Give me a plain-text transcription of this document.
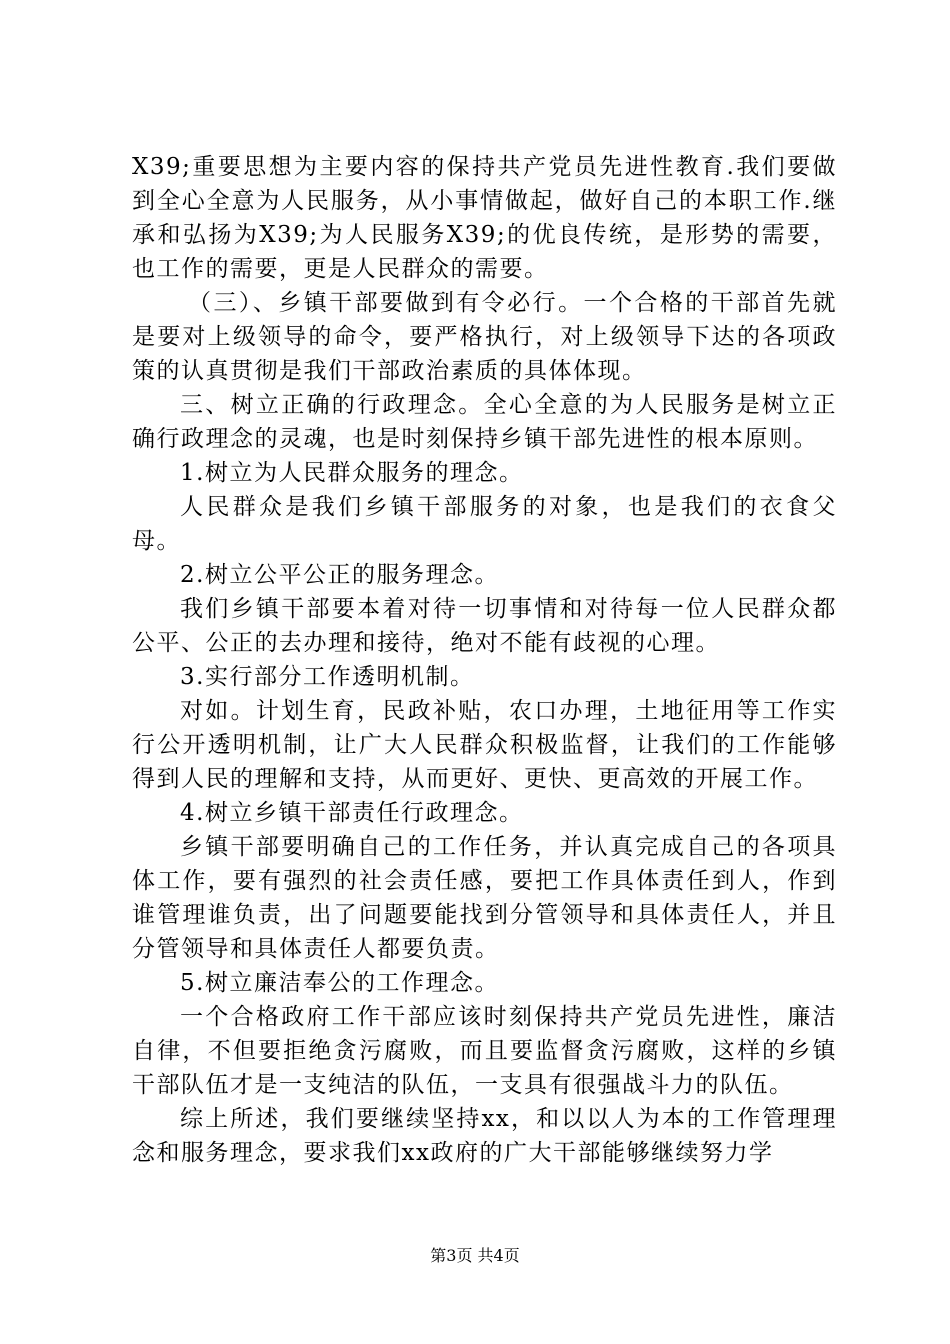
X39;重要思想为主要内容的保持共产党员先进性教育.我们要做到全心全意为人民服务，从小事情做起，做好自己的本职工作.继承和弘扬为X39;为人民服务X39;的优良传统，是形势的需要，也工作的需要，更是人民群众的需要。

（三）、乡镇干部要做到有令必行。一个合格的干部首先就是要对上级领导的命令，要严格执行，对上级领导下达的各项政策的认真贯彻是我们干部政治素质的具体体现。

三、树立正确的行政理念。全心全意的为人民服务是树立正确行政理念的灵魂，也是时刻保持乡镇干部先进性的根本原则。

1.树立为人民群众服务的理念。

人民群众是我们乡镇干部服务的对象，也是我们的衣食父母。

2.树立公平公正的服务理念。

我们乡镇干部要本着对待一切事情和对待每一位人民群众都公平、公正的去办理和接待，绝对不能有歧视的心理。

3.实行部分工作透明机制。

对如。计划生育，民政补贴，农口办理，土地征用等工作实行公开透明机制，让广大人民群众积极监督，让我们的工作能够得到人民的理解和支持，从而更好、更快、更高效的开展工作。

4.树立乡镇干部责任行政理念。

乡镇干部要明确自己的工作任务，并认真完成自己的各项具体工作，要有强烈的社会责任感，要把工作具体责任到人，作到谁管理谁负责，出了问题要能找到分管领导和具体责任人，并且分管领导和具体责任人都要负责。

5.树立廉洁奉公的工作理念。

一个合格政府工作干部应该时刻保持共产党员先进性，廉洁自律，不但要拒绝贪污腐败，而且要监督贪污腐败，这样的乡镇干部队伍才是一支纯洁的队伍，一支具有很强战斗力的队伍。

综上所述，我们要继续坚持xx，和以以人为本的工作管理理念和服务理念，要求我们xx政府的广大干部能够继续努力学

第3页 共4页
